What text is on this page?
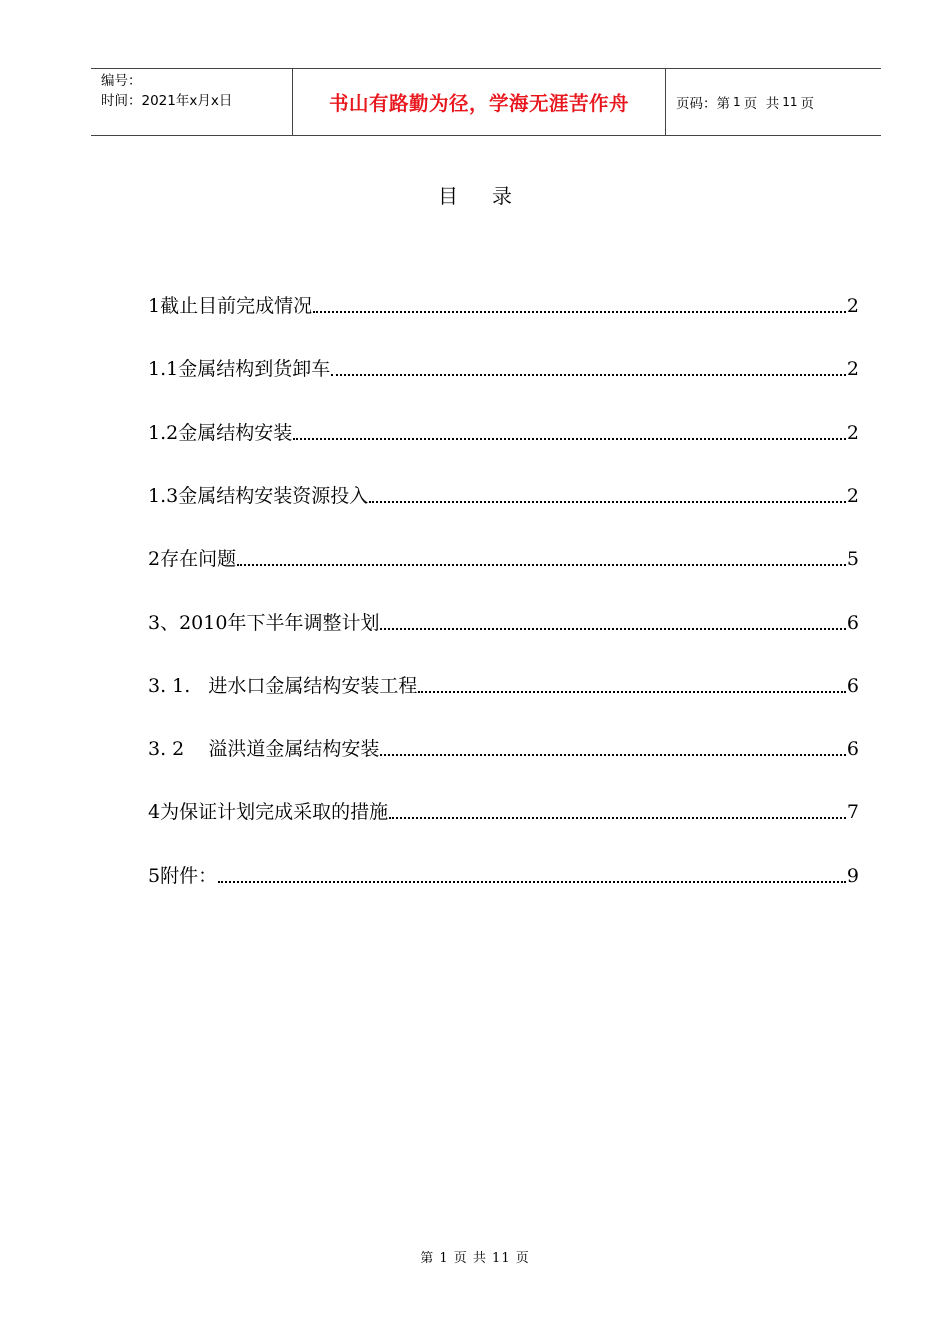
编号：
时间：2021年x月x日	书山有路勤为径，学海无涯苦作舟	页码：第 1 页  共 11 页
目 录
1截止目前完成情况	2
1.1金属结构到货卸车	2
1.2金属结构安装	2
1.3金属结构安装资源投入	2
2存在问题	5
3、2010年下半年调整计划	6
3. 1.   进水口金属结构安装工程	6
3. 2    溢洪道金属结构安装	6
4为保证计划完成采取的措施	7
5附件：	9
第 1 页 共 11 页
